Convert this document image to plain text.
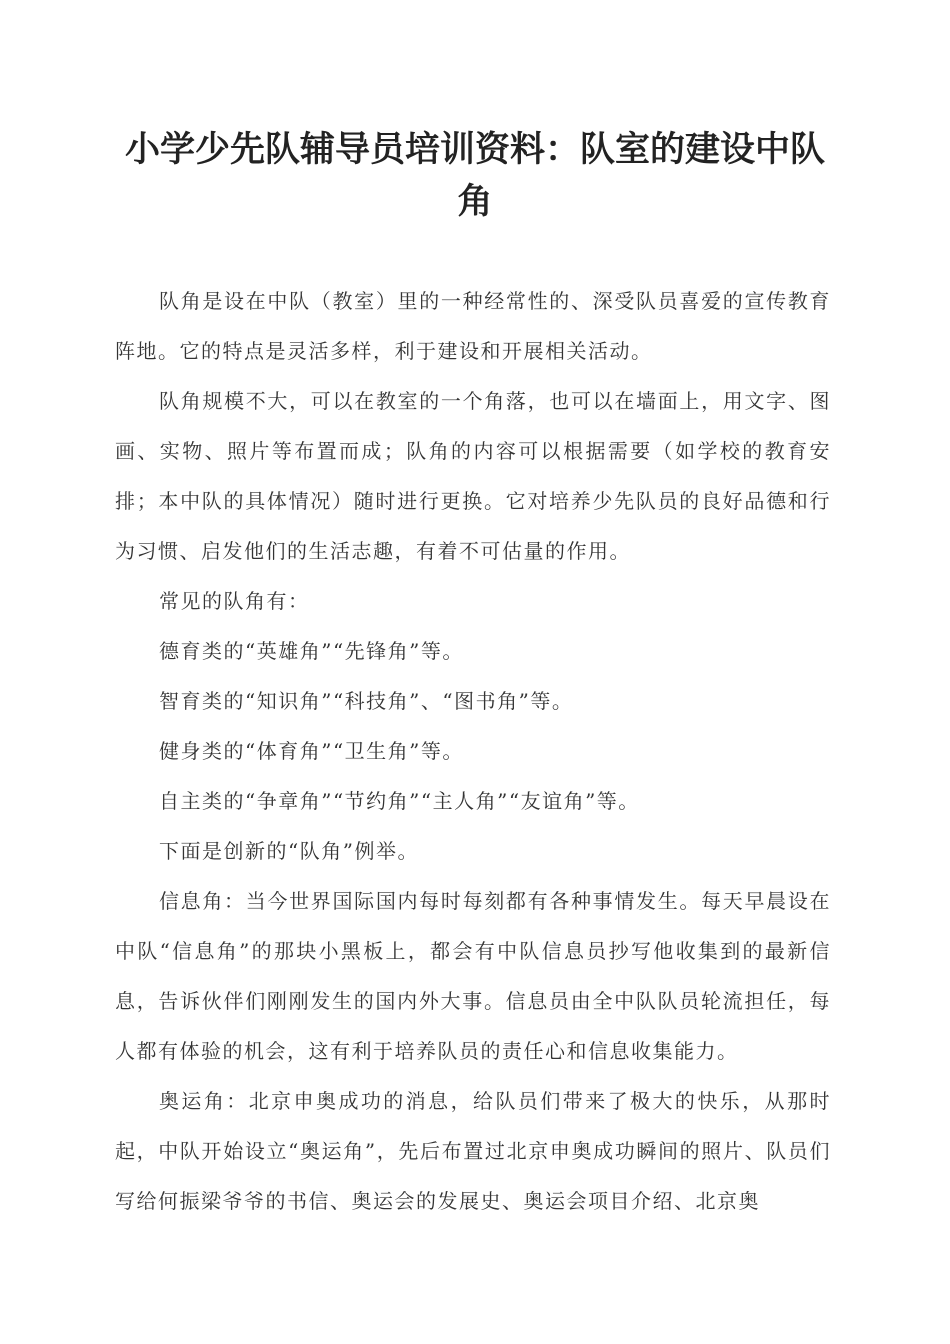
小学少先队辅导员培训资料：队室的建设中队角

队角是设在中队（教室）里的一种经常性的、深受队员喜爱的宣传教育阵地。它的特点是灵活多样，利于建设和开展相关活动。

队角规模不大，可以在教室的一个角落，也可以在墙面上，用文字、图画、实物、照片等布置而成；队角的内容可以根据需要（如学校的教育安排；本中队的具体情况）随时进行更换。它对培养少先队员的良好品德和行为习惯、启发他们的生活志趣，有着不可估量的作用。

常见的队角有：

德育类的“英雄角”“先锋角”等。

智育类的“知识角”“科技角”、“图书角”等。

健身类的“体育角”“卫生角”等。

自主类的“争章角”“节约角”“主人角”“友谊角”等。

下面是创新的“队角”例举。

信息角：当今世界国际国内每时每刻都有各种事情发生。每天早晨设在中队“信息角”的那块小黑板上，都会有中队信息员抄写他收集到的最新信息，告诉伙伴们刚刚发生的国内外大事。信息员由全中队队员轮流担任，每人都有体验的机会，这有利于培养队员的责任心和信息收集能力。

奥运角：北京申奥成功的消息，给队员们带来了极大的快乐，从那时起，中队开始设立“奥运角”，先后布置过北京申奥成功瞬间的照片、队员们写给何振梁爷爷的书信、奥运会的发展史、奥运会项目介绍、北京奥
